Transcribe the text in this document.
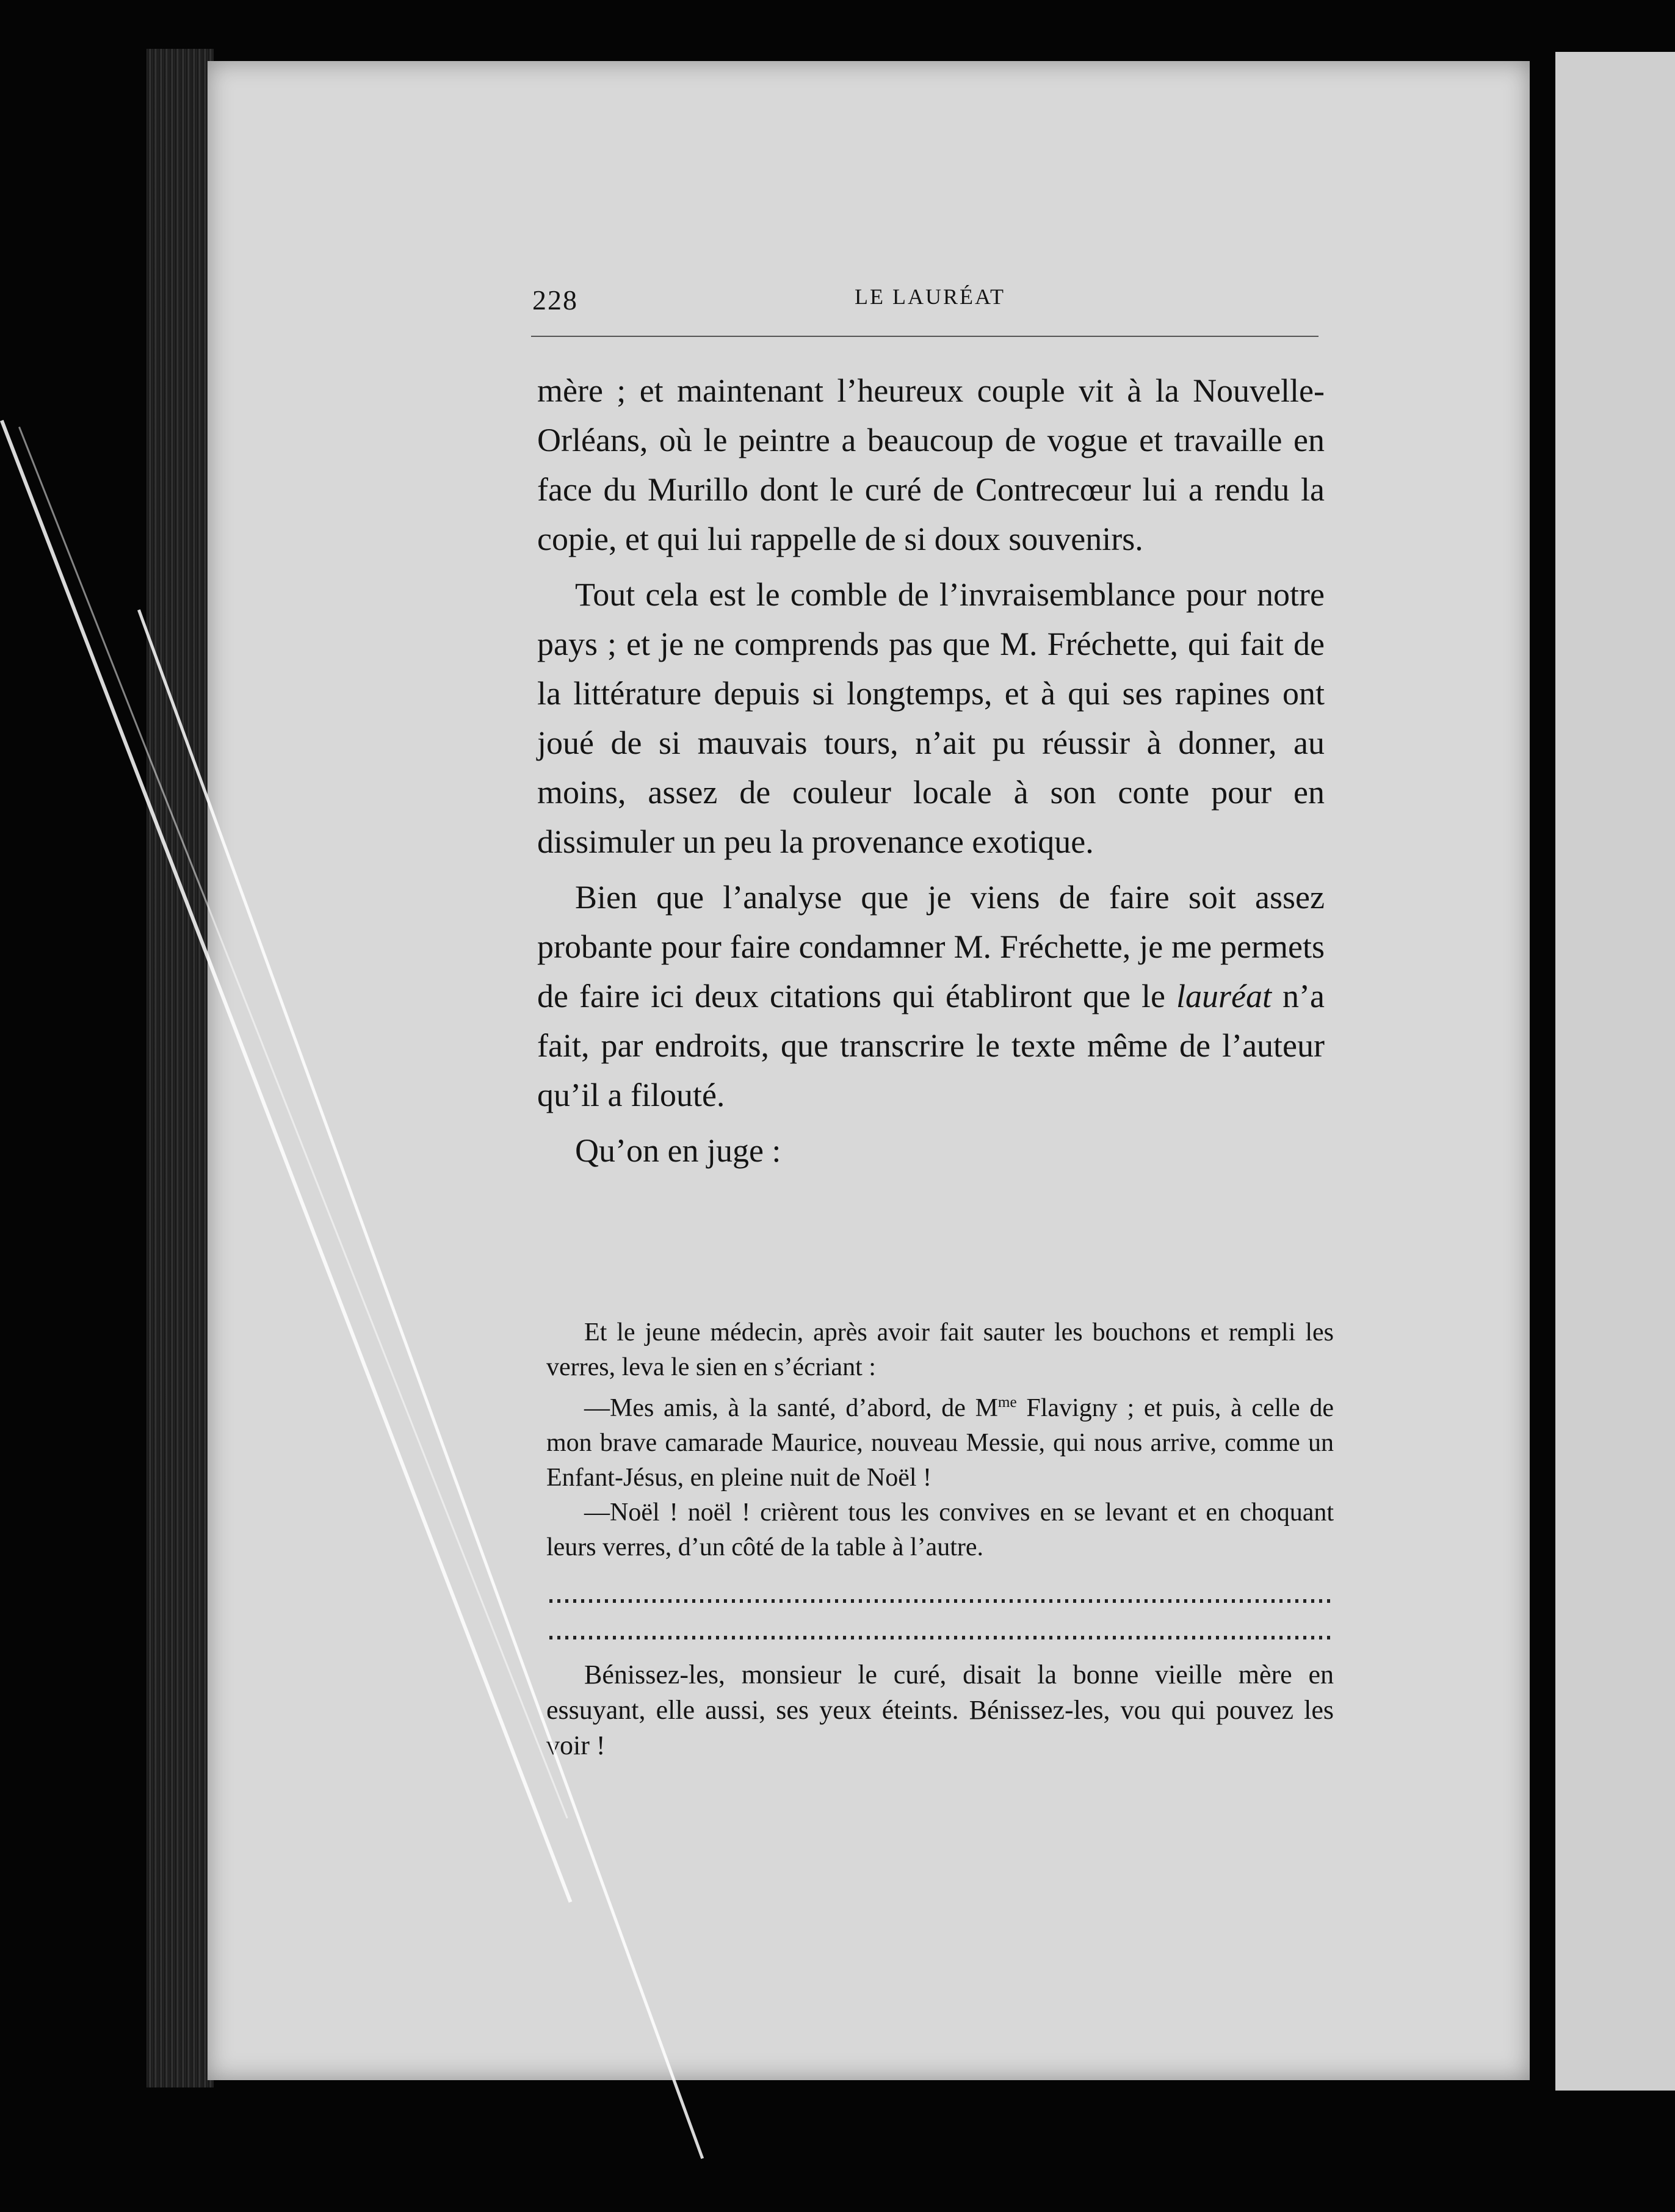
228	LE LAURÉAT

mère ; et maintenant l’heureux couple vit à la Nouvelle-Orléans, où le peintre a beaucoup de vogue et travaille en face du Murillo dont le curé de Contrecœur lui a rendu la copie, et qui lui rappelle de si doux souvenirs.

Tout cela est le comble de l’invraisemblance pour notre pays ; et je ne comprends pas que M. Fréchette, qui fait de la littérature depuis si longtemps, et à qui ses rapines ont joué de si mauvais tours, n’ait pu réussir à donner, au moins, assez de couleur locale à son conte pour en dissimuler un peu la provenance exotique.

Bien que l’analyse que je viens de faire soit assez probante pour faire condamner M. Fréchette, je me permets de faire ici deux citations qui établiront que le lauréat n’a fait, par endroits, que transcrire le texte même de l’auteur qu’il a filouté.

Qu’on en juge :

Et le jeune médecin, après avoir fait sauter les bouchons et rempli les verres, leva le sien en s’écriant :

—Mes amis, à la santé, d’abord, de $M^{me}$ Flavigny ; et puis, à celle de mon brave camarade Maurice, nouveau Messie, qui nous arrive, comme un Enfant-Jésus, en pleine nuit de Noël !

—Noël ! noël ! crièrent tous les convives en se levant et en choquant leurs verres, d’un côté de la table à l’autre.

Bénissez-les, monsieur le curé, disait la bonne vieille mère en essuyant, elle aussi, ses yeux éteints. Bénissez-les, vou qui pouvez les voir !
